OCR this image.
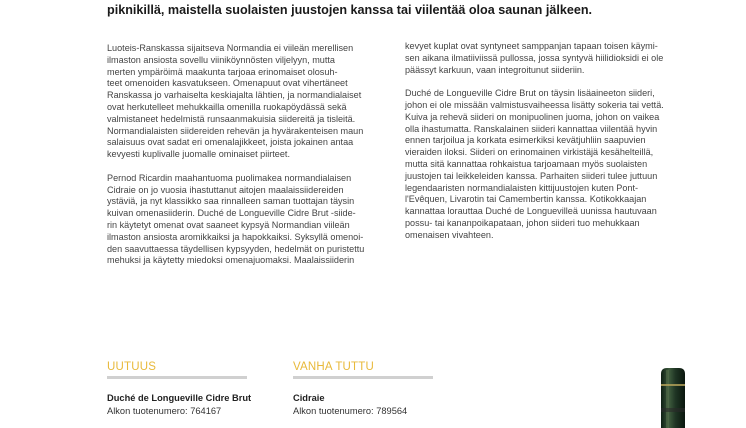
piknikillä, maistella suolaisten juustojen kanssa tai viilentää oloa saunan jälkeen.

Luoteis-Ranskassa sijaitseva Normandia ei viileän merellisen
ilmaston ansiosta sovellu viiniköynnösten viljelyyn, mutta
merten ympäröimä maakunta tarjoaa erinomaiset olosuh-
teet omenoiden kasvatukseen. Omenapuut ovat vihertäneet
Ranskassa jo varhaiselta keskiajalta lähtien, ja normandialaiset
ovat herkutelleet mehukkailla omenilla ruokapöydässä sekä
valmistaneet hedelmistä runsaanmakuisia siidereitä ja tisleitä.
Normandialaisten siidereiden rehevän ja hyvärakenteisen maun
salaisuus ovat sadat eri omenalajikkeet, joista jokainen antaa
kevyesti kuplivalle juomalle ominaiset piirteet.

Pernod Ricardin maahantuoma puolimakea normandialaisen
Cidraie on jo vuosia ihastuttanut aitojen maalaissiidereiden
ystäviä, ja nyt klassikko saa rinnalleen saman tuottajan täysin
kuivan omenasiiderin. Duché de Longueville Cidre Brut -siide-
rin käytetyt omenat ovat saaneet kypsyä Normandian viileän
ilmaston ansiosta aromikkaiksi ja hapokkaiksi. Syksyllä omenoi-
den saavuttaessa täydellisen kypsyyden, hedelmät on puristettu
mehuksi ja käytetty miedoksi omenajuomaksi. Maalaissiiderin

kevyet kuplat ovat syntyneet samppanjan tapaan toisen käymi-
sen aikana ilmatiiviissä pullossa, jossa syntyvä hiilidioksidi ei ole
päässyt karkuun, vaan integroitunut siideriin.

Duché de Longueville Cidre Brut on täysin lisäaineeton siideri,
johon ei ole missään valmistusvaiheessa lisätty sokeria tai vettä.
Kuiva ja rehevä siideri on monipuolinen juoma, johon on vaikea
olla ihastumatta. Ranskalainen siideri kannattaa viilentää hyvin
ennen tarjoilua ja korkata esimerkiksi kevätjuhliin saapuvien
vieraiden iloksi. Siideri on erinomainen virkistäjä kesähelteillä,
mutta sitä kannattaa rohkaistua tarjoamaan myös suolaisten
juustojen tai leikkeleiden kanssa. Parhaiten siideri tulee juttuun
legendaaristen normandialaisten kittijuustojen kuten Pont-
l'Evêquen, Livarotin tai Camembertin kanssa. Kotikokkaajan
kannattaa lorauttaa Duché de Longuevilleä uunissa hautuvaan
possu- tai kananpoikapataan, johon siideri tuo mehukkaan
omenaisen vivahteen.

UUTUUS
Duché de Longueville Cidre Brut
Alkon tuotenumero: 764167
VANHA TUTTU
Cidraie
Alkon tuotenumero: 789564
